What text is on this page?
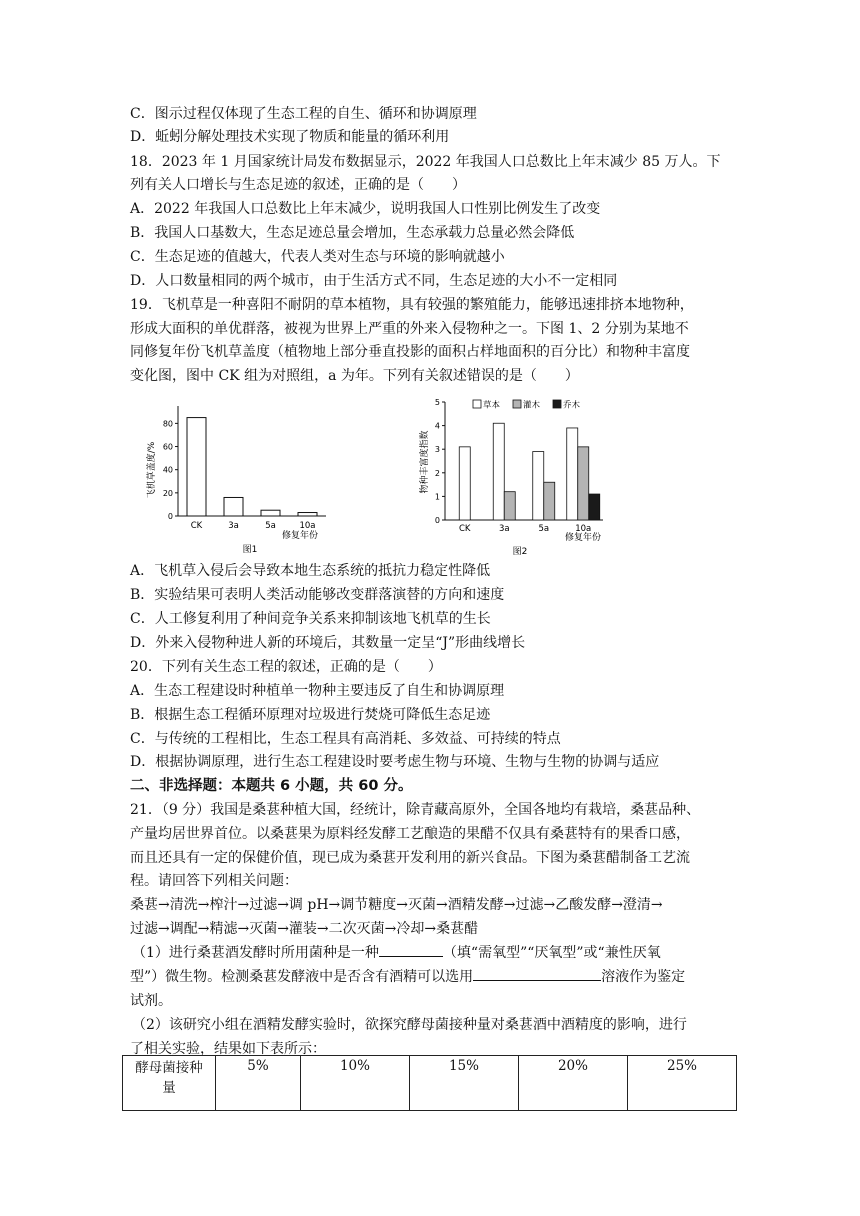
C．图示过程仅体现了生态工程的自生、循环和协调原理
D．蚯蚓分解处理技术实现了物质和能量的循环利用
18．2023 年 1 月国家统计局发布数据显示，2022 年我国人口总数比上年末减少 85 万人。下
列有关人口增长与生态足迹的叙述，正确的是（　　）
A．2022 年我国人口总数比上年末减少，说明我国人口性别比例发生了改变
B．我国人口基数大，生态足迹总量会增加，生态承载力总量必然会降低
C．生态足迹的值越大，代表人类对生态与环境的影响就越小
D．人口数量相同的两个城市，由于生活方式不同，生态足迹的大小不一定相同
19．飞机草是一种喜阳不耐阴的草本植物，具有较强的繁殖能力，能够迅速排挤本地物种，
形成大面积的单优群落，被视为世界上严重的外来入侵物种之一。下图 1、2 分别为某地不
同修复年份飞机草盖度（植物地上部分垂直投影的面积占样地面积的百分比）和物种丰富度
变化图，图中 CK 组为对照组，a 为年。下列有关叙述错误的是（　　）
飞机草盖度/%
0
20
40
60
80
CK	3a	5a	10a
修复年份
图1
物种丰富度指数
0
1
2
3
4
5	草本	灌木	乔木
CK	3a	5a	10a
修复年份
图2
A．飞机草入侵后会导致本地生态系统的抵抗力稳定性降低
B．实验结果可表明人类活动能够改变群落演替的方向和速度
C．人工修复利用了种间竞争关系来抑制该地飞机草的生长
D．外来入侵物种进人新的环境后，其数量一定呈“J”形曲线增长
20．下列有关生态工程的叙述，正确的是（　　）
A．生态工程建设时种植单一物种主要违反了自生和协调原理
B．根据生态工程循环原理对垃圾进行焚烧可降低生态足迹
C．与传统的工程相比，生态工程具有高消耗、多效益、可持续的特点
D．根据协调原理，进行生态工程建设时要考虑生物与环境、生物与生物的协调与适应
二、非选择题：本题共 6 小题，共 60 分。
21．（9 分）我国是桑葚种植大国，经统计，除青藏高原外，全国各地均有栽培，桑葚品种、
产量均居世界首位。以桑葚果为原料经发酵工艺酿造的果醋不仅具有桑葚特有的果香口感，
而且还具有一定的保健价值，现已成为桑葚开发利用的新兴食品。下图为桑葚醋制备工艺流
程。请回答下列相关问题：
桑葚→清洗→榨汁→过滤→调 pH→调节糖度→灭菌→酒精发酵→过滤→乙酸发酵→澄清→
过滤→调配→精滤→灭菌→灌装→二次灭菌→冷却→桑葚醋
（1）进行桑葚酒发酵时所用菌种是一种	（填“需氧型”“厌氧型”或“兼性厌氧
型”）微生物。检测桑葚发酵液中是否含有酒精可以选用	溶液作为鉴定
试剂。
（2）该研究小组在酒精发酵实验时，欲探究酵母菌接种量对桑葚酒中酒精度的影响，进行
了相关实验，结果如下表所示：
酵母菌接种
量	5%	10%	15%	20%	25%
